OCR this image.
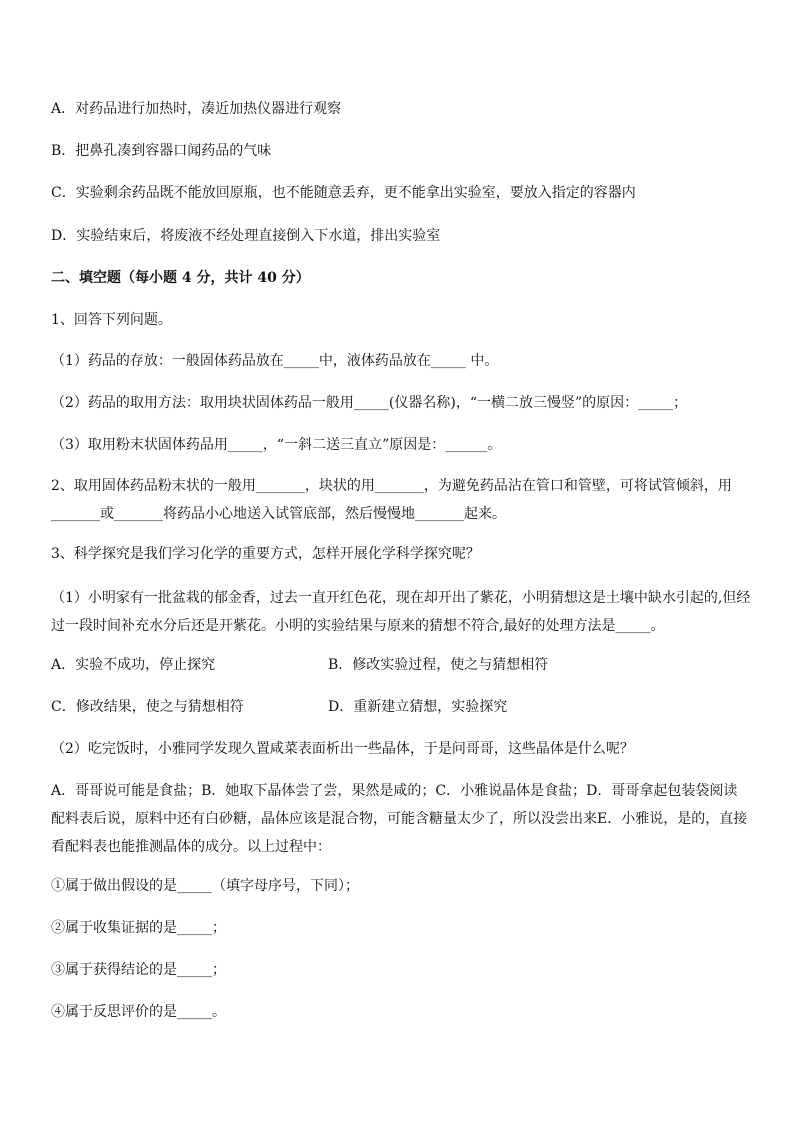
A．对药品进行加热时，凑近加热仪器进行观察
B．把鼻孔凑到容器口闻药品的气味
C．实验剩余药品既不能放回原瓶，也不能随意丢弃，更不能拿出实验室，要放入指定的容器内
D．实验结束后，将废液不经处理直接倒入下水道，排出实验室
二、填空题（每小题 4 分，共计 40 分）
1、回答下列问题。
（1）药品的存放：一般固体药品放在_____中，液体药品放在_____ 中。
（2）药品的取用方法：取用块状固体药品一般用_____(仪器名称)，“一横二放三慢竖”的原因：_____；
（3）取用粉末状固体药品用_____，“一斜二送三直立”原因是：______。
2、取用固体药品粉末状的一般用_______，块状的用_______，为避免药品沾在管口和管壁，可将试管倾斜，用_______或_______将药品小心地送入试管底部，然后慢慢地_______起来。
3、科学探究是我们学习化学的重要方式，怎样开展化学科学探究呢？
（1）小明家有一批盆栽的郁金香，过去一直开红色花，现在却开出了紫花，小明猜想这是土壤中缺水引起的,但经过一段时间补充水分后还是开紫花。小明的实验结果与原来的猜想不符合,最好的处理方法是_____。
A．实验不成功，停止探究	B．修改实验过程，使之与猜想相符
C．修改结果，使之与猜想相符	D．重新建立猜想，实验探究
（2）吃完饭时，小雅同学发现久置咸菜表面析出一些晶体，于是问哥哥，这些晶体是什么呢？
A．哥哥说可能是食盐；B．她取下晶体尝了尝，果然是咸的；C．小雅说晶体是食盐；D．哥哥拿起包装袋阅读配料表后说，原料中还有白砂糖，晶体应该是混合物，可能含糖量太少了，所以没尝出来E．小雅说，是的，直接看配料表也能推测晶体的成分。以上过程中：
①属于做出假设的是_____（填字母序号，下同）；
②属于收集证据的是_____；
③属于获得结论的是_____；
④属于反思评价的是_____。
